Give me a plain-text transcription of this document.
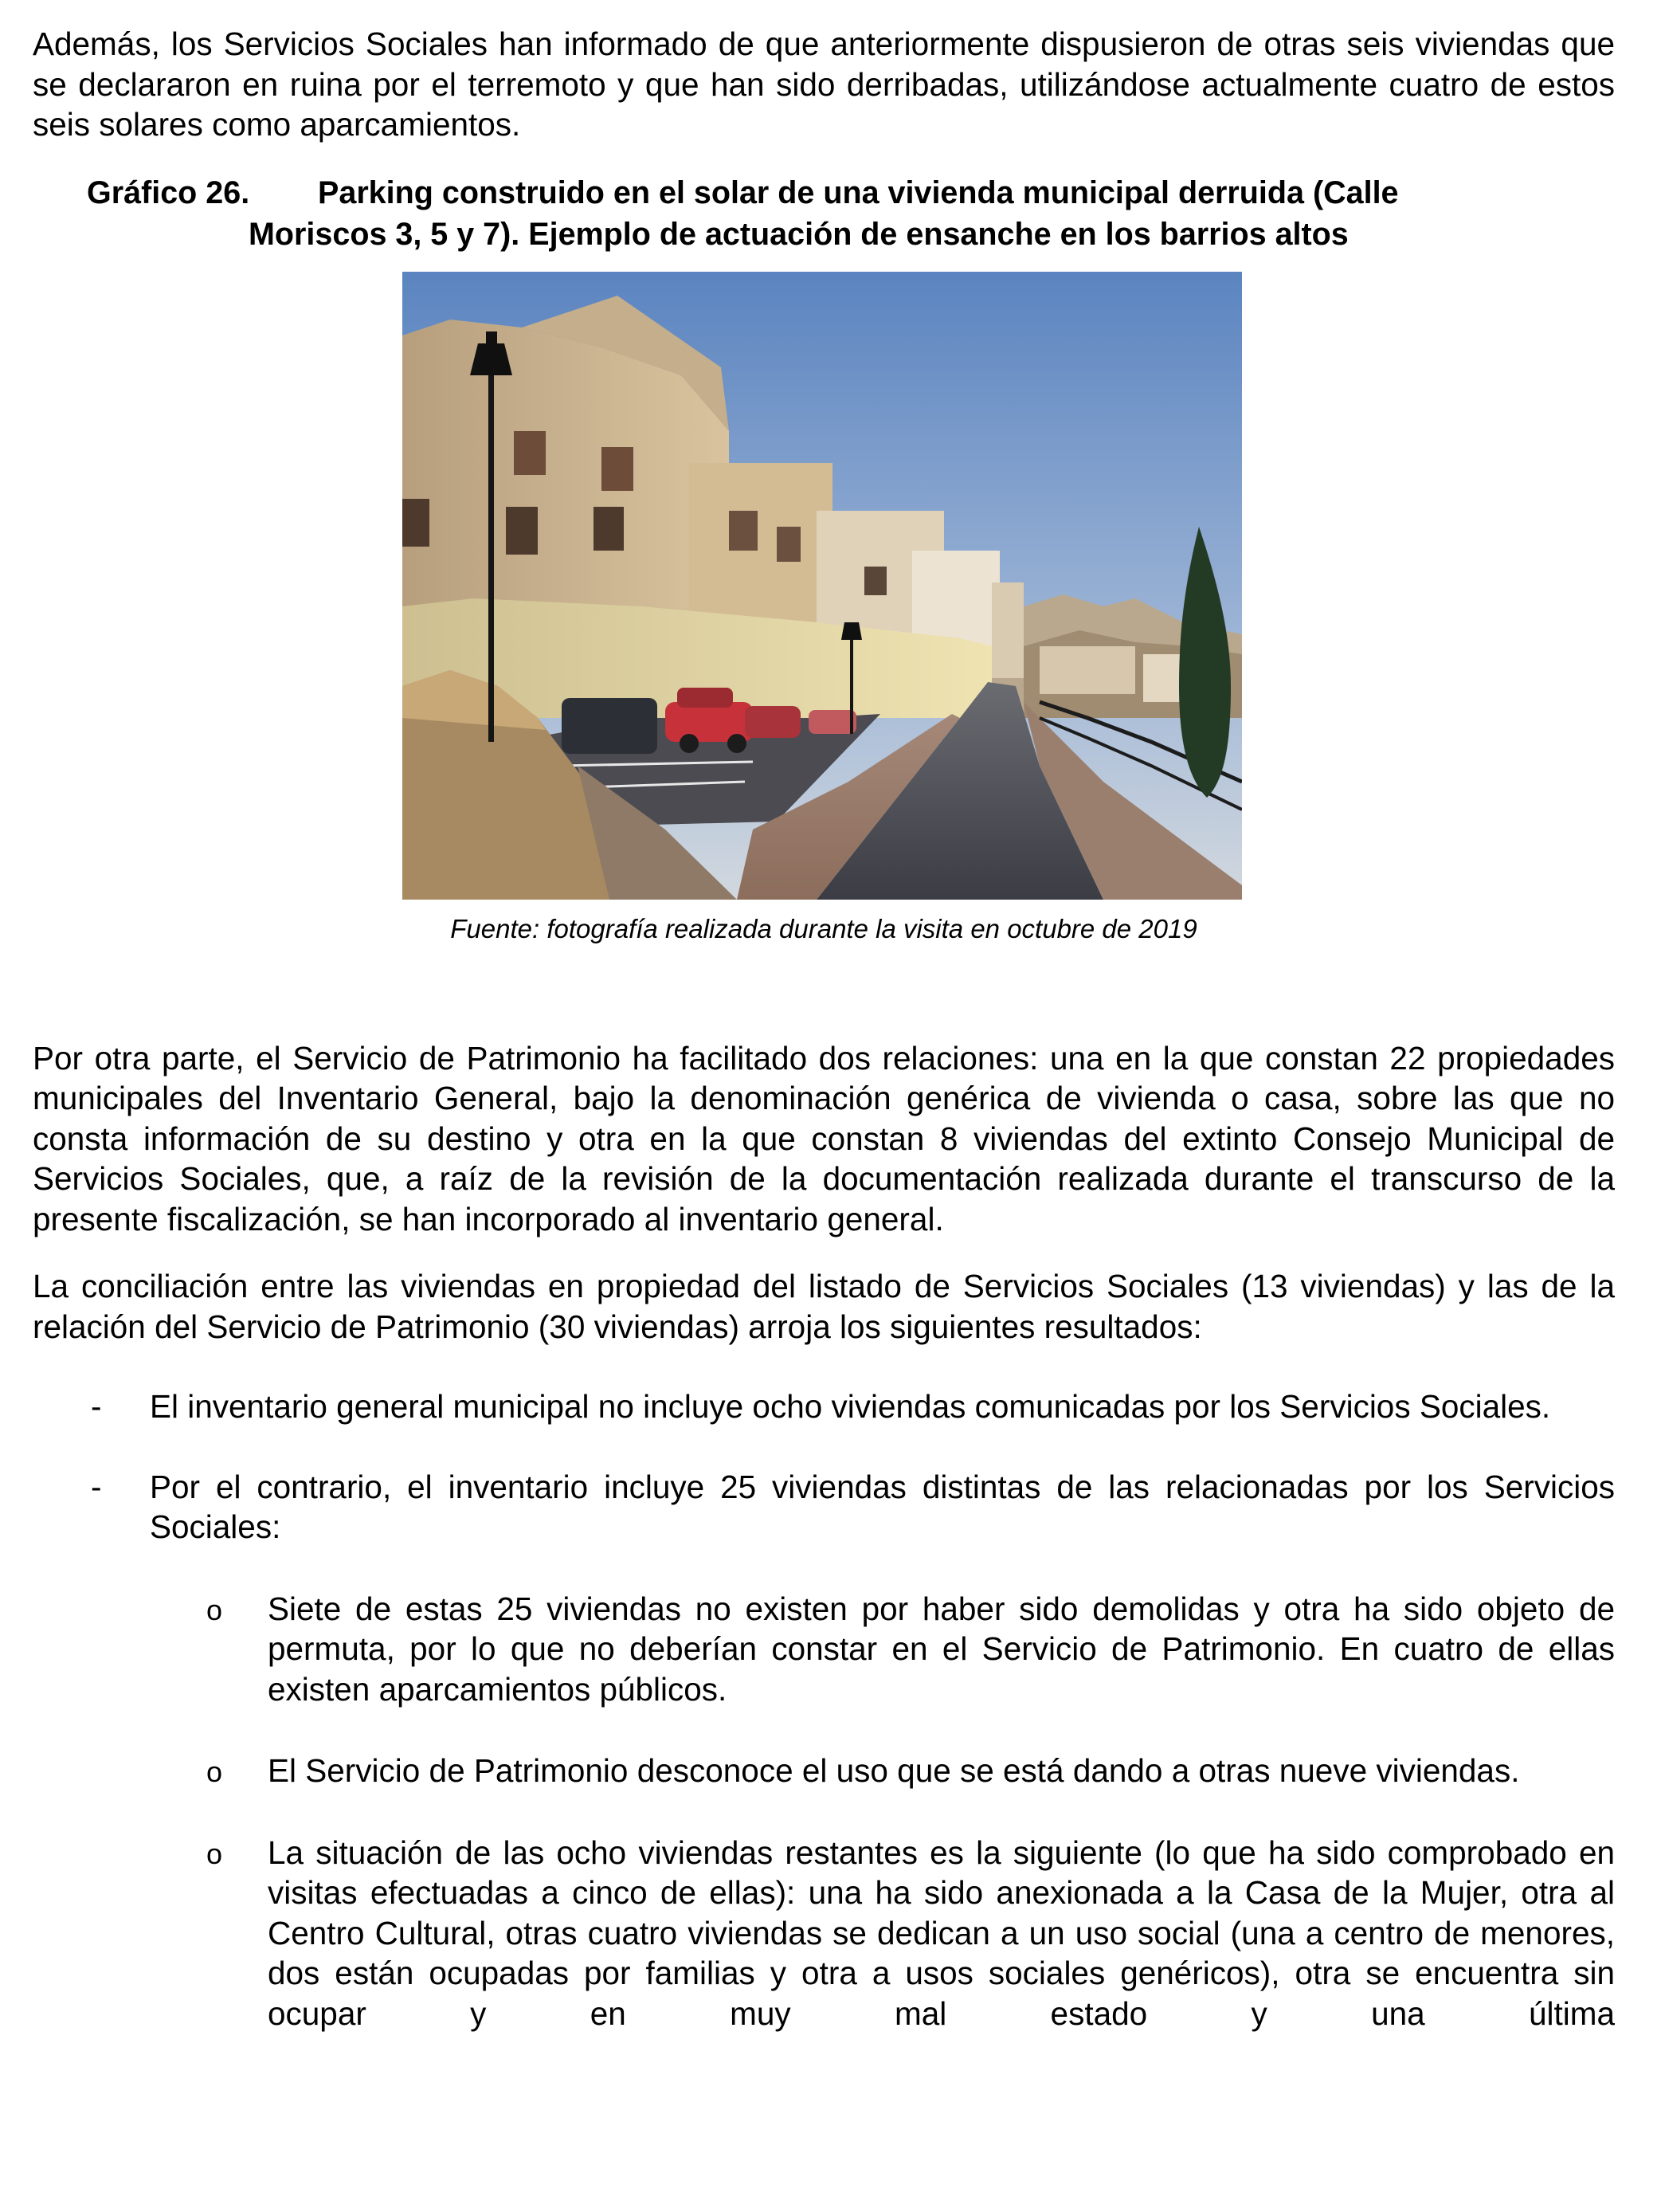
Además, los Servicios Sociales han informado de que anteriormente dispusieron de otras seis viviendas que se declararon en ruina por el terremoto y que han sido derribadas, utilizándose actualmente cuatro de estos seis solares como aparcamientos.

Gráfico 26. Parking construido en el solar de una vivienda municipal derruida (Calle
Moriscos 3, 5 y 7). Ejemplo de actuación de ensanche en los barrios altos

Fuente: fotografía realizada durante la visita en octubre de 2019

Por otra parte, el Servicio de Patrimonio ha facilitado dos relaciones: una en la que constan 22 propiedades municipales del Inventario General, bajo la denominación genérica de vivienda o casa, sobre las que no consta información de su destino y otra en la que constan 8 viviendas del extinto Consejo Municipal de Servicios Sociales, que, a raíz de la revisión de la documentación realizada durante el transcurso de la presente fiscalización, se han incorporado al inventario general.

La conciliación entre las viviendas en propiedad del listado de Servicios Sociales (13 viviendas) y las de la relación del Servicio de Patrimonio (30 viviendas) arroja los siguientes resultados:

- El inventario general municipal no incluye ocho viviendas comunicadas por los Servicios Sociales.
- Por el contrario, el inventario incluye 25 viviendas distintas de las relacionadas por los Servicios Sociales:
o Siete de estas 25 viviendas no existen por haber sido demolidas y otra ha sido objeto de permuta, por lo que no deberían constar en el Servicio de Patrimonio. En cuatro de ellas existen aparcamientos públicos.
o El Servicio de Patrimonio desconoce el uso que se está dando a otras nueve viviendas.
o La situación de las ocho viviendas restantes es la siguiente (lo que ha sido comprobado en visitas efectuadas a cinco de ellas): una ha sido anexionada a la Casa de la Mujer, otra al Centro Cultural, otras cuatro viviendas se dedican a un uso social (una a centro de menores, dos están ocupadas por familias y otra a usos sociales genéricos), otra se encuentra sin ocupar y en muy mal estado y una última
